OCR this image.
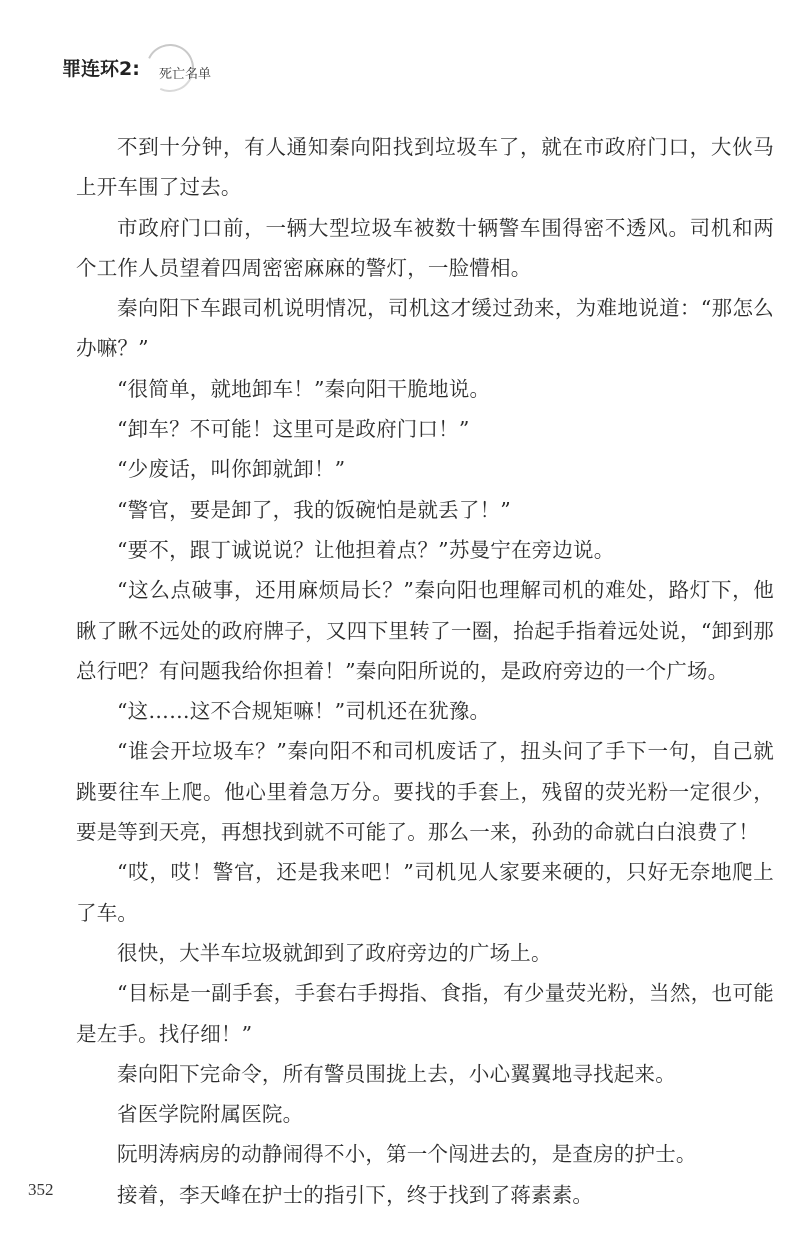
罪连环2: 死亡名单

不到十分钟，有人通知秦向阳找到垃圾车了，就在市政府门口，大伙马上开车围了过去。

市政府门口前，一辆大型垃圾车被数十辆警车围得密不透风。司机和两个工作人员望着四周密密麻麻的警灯，一脸懵相。

秦向阳下车跟司机说明情况，司机这才缓过劲来，为难地说道：“那怎么办嘛？”

“很简单，就地卸车！”秦向阳干脆地说。

“卸车？不可能！这里可是政府门口！”

“少废话，叫你卸就卸！”

“警官，要是卸了，我的饭碗怕是就丢了！”

“要不，跟丁诚说说？让他担着点？”苏曼宁在旁边说。

“这么点破事，还用麻烦局长？”秦向阳也理解司机的难处，路灯下，他瞅了瞅不远处的政府牌子，又四下里转了一圈，抬起手指着远处说，“卸到那总行吧？有问题我给你担着！”秦向阳所说的，是政府旁边的一个广场。

“这……这不合规矩嘛！”司机还在犹豫。

“谁会开垃圾车？”秦向阳不和司机废话了，扭头问了手下一句，自己就跳要往车上爬。他心里着急万分。要找的手套上，残留的荧光粉一定很少，要是等到天亮，再想找到就不可能了。那么一来，孙劲的命就白白浪费了！

“哎，哎！警官，还是我来吧！”司机见人家要来硬的，只好无奈地爬上了车。

很快，大半车垃圾就卸到了政府旁边的广场上。

“目标是一副手套，手套右手拇指、食指，有少量荧光粉，当然，也可能是左手。找仔细！”

秦向阳下完命令，所有警员围拢上去，小心翼翼地寻找起来。

省医学院附属医院。

阮明涛病房的动静闹得不小，第一个闯进去的，是查房的护士。

接着，李天峰在护士的指引下，终于找到了蒋素素。

352
